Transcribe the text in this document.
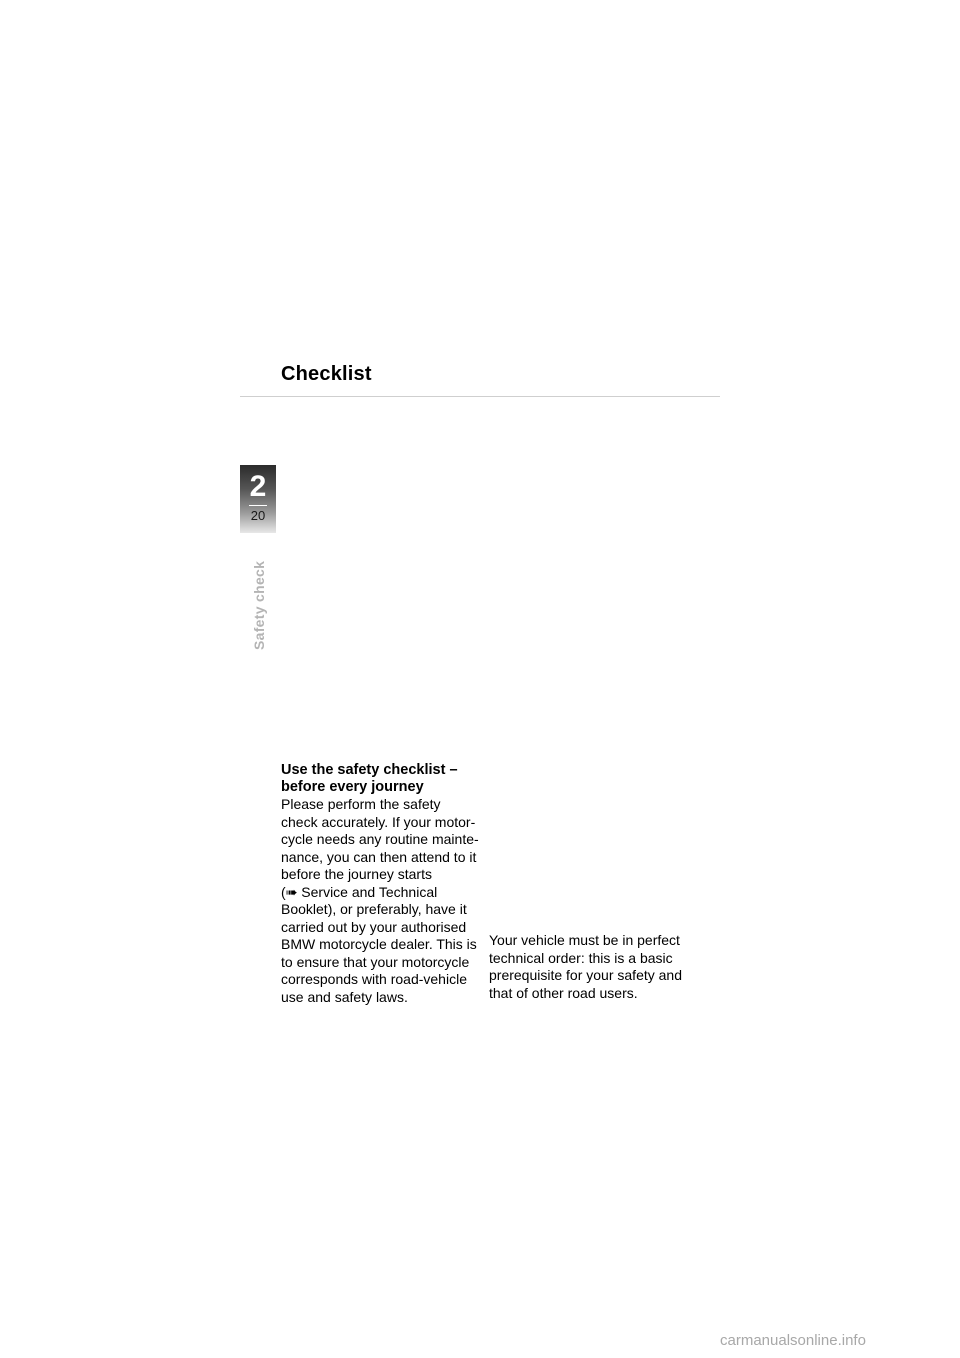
Checklist
2
20
Safety check
Use the safety checklist – before every journey

Please perform the safety
check accurately. If your motor-
cycle needs any routine mainte-
nance, you can then attend to it
before the journey starts
(➠ Service and Technical
Booklet), or preferably, have it
carried out by your authorised
BMW motorcycle dealer. This is
to ensure that your motorcycle
corresponds with road-vehicle
use and safety laws.

Your vehicle must be in perfect
technical order: this is a basic
prerequisite for your safety and
that of other road users.

carmanualsonline.info
